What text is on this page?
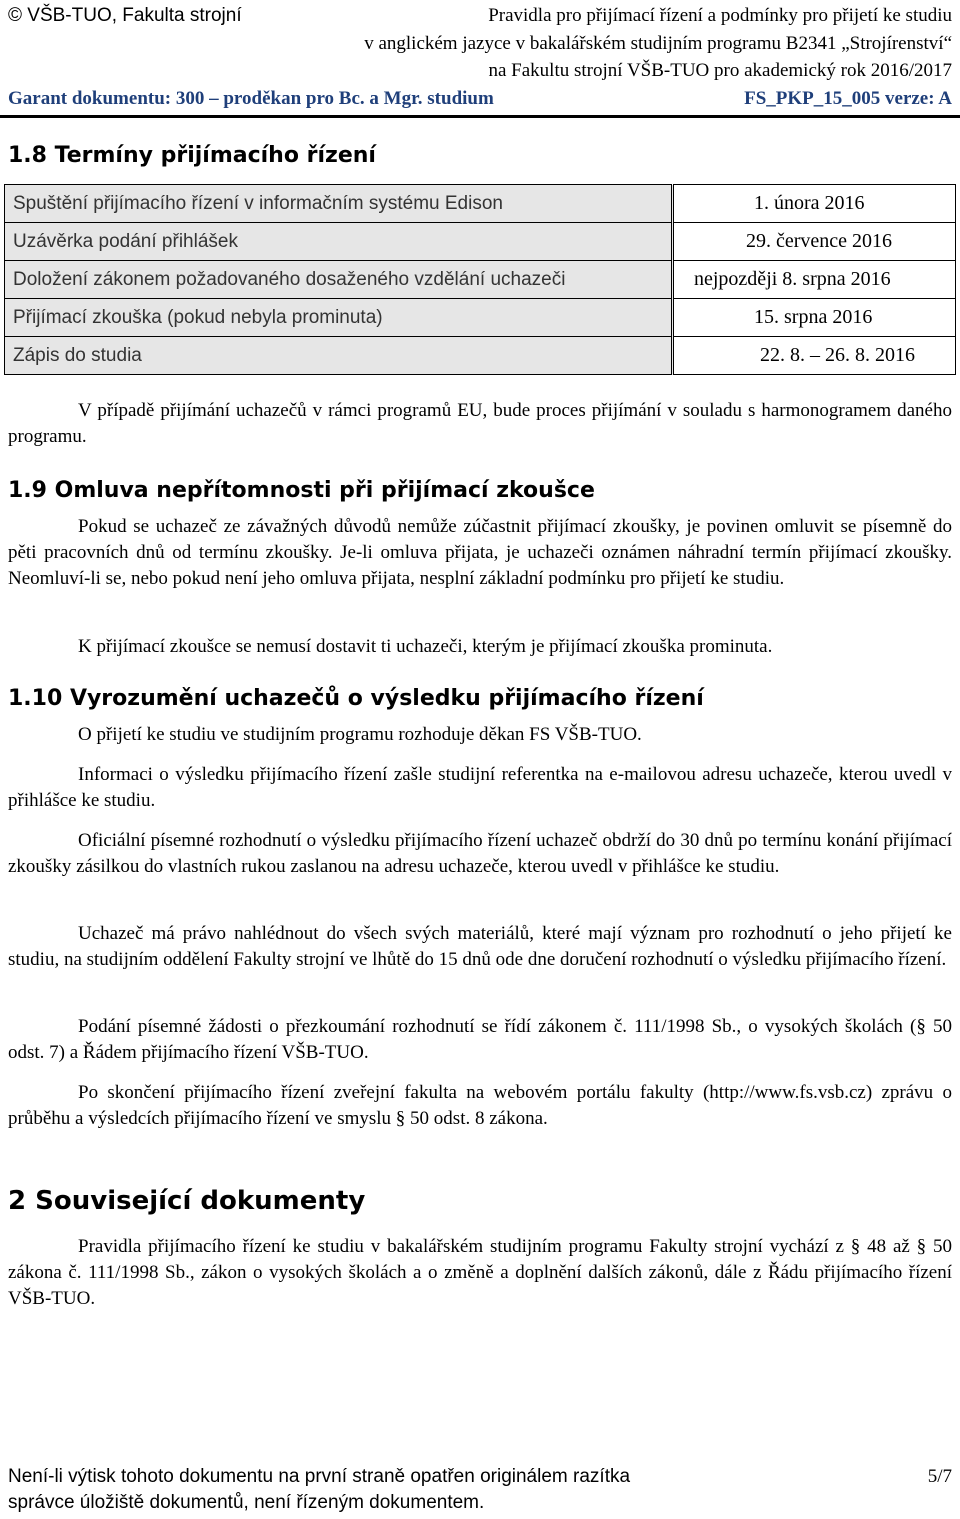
© VŠB-TUO, Fakulta strojní	Pravidla pro přijímací řízení a podmínky pro přijetí ke studiu
v anglickém jazyce v bakalářském studijním programu B2341 „Strojírenství“
na Fakultu strojní VŠB-TUO pro akademický rok 2016/2017
Garant dokumentu: 300 – proděkan pro Bc. a Mgr. studium	FS_PKP_15_005 verze: A
1.8 Termíny přijímacího řízení
Spuštění přijímacího řízení v informačním systému Edison	1. února 2016
Uzávěrka podání přihlášek	29. července 2016
Doložení zákonem požadovaného dosaženého vzdělání uchazeči	nejpozději 8. srpna 2016
Přijímací zkouška (pokud nebyla prominuta)	15. srpna 2016
Zápis do studia	22. 8. – 26. 8. 2016
V případě přijímání uchazečů v rámci programů EU, bude proces přijímání v souladu s harmonogramem daného programu.
1.9 Omluva nepřítomnosti při přijímací zkoušce
Pokud se uchazeč ze závažných důvodů nemůže zúčastnit přijímací zkoušky, je povinen omluvit se písemně do pěti pracovních dnů od termínu zkoušky. Je-li omluva přijata, je uchazeči oznámen náhradní termín přijímací zkoušky. Neomluví-li se, nebo pokud není jeho omluva přijata, nesplní základní podmínku pro přijetí ke studiu.
K přijímací zkoušce se nemusí dostavit ti uchazeči, kterým je přijímací zkouška prominuta.
1.10 Vyrozumění uchazečů o výsledku přijímacího řízení
O přijetí ke studiu ve studijním programu rozhoduje děkan FS VŠB-TUO.
Informaci o výsledku přijímacího řízení zašle studijní referentka na e-mailovou adresu uchazeče, kterou uvedl v přihlášce ke studiu.
Oficiální písemné rozhodnutí o výsledku přijímacího řízení uchazeč obdrží do 30 dnů po termínu konání přijímací zkoušky zásilkou do vlastních rukou zaslanou na adresu uchazeče, kterou uvedl v přihlášce ke studiu.
Uchazeč má právo nahlédnout do všech svých materiálů, které mají význam pro rozhodnutí o jeho přijetí ke studiu, na studijním oddělení Fakulty strojní ve lhůtě do 15 dnů ode dne doručení rozhodnutí o výsledku přijímacího řízení.
Podání písemné žádosti o přezkoumání rozhodnutí se řídí zákonem č. 111/1998 Sb., o vysokých školách (§ 50 odst. 7) a Řádem přijímacího řízení VŠB-TUO.
Po skončení přijímacího řízení zveřejní fakulta na webovém portálu fakulty (http://www.fs.vsb.cz) zprávu o průběhu a výsledcích přijímacího řízení ve smyslu § 50 odst. 8 zákona.
2 Související dokumenty
Pravidla přijímacího řízení ke studiu v bakalářském studijním programu Fakulty strojní vychází z § 48 až § 50 zákona č. 111/1998 Sb., zákon o vysokých školách a o změně a doplnění dalších zákonů, dále z Řádu přijímacího řízení VŠB-TUO.
Není-li výtisk tohoto dokumentu na první straně opatřen originálem razítka	5/7
správce úložiště dokumentů, není řízeným dokumentem.
